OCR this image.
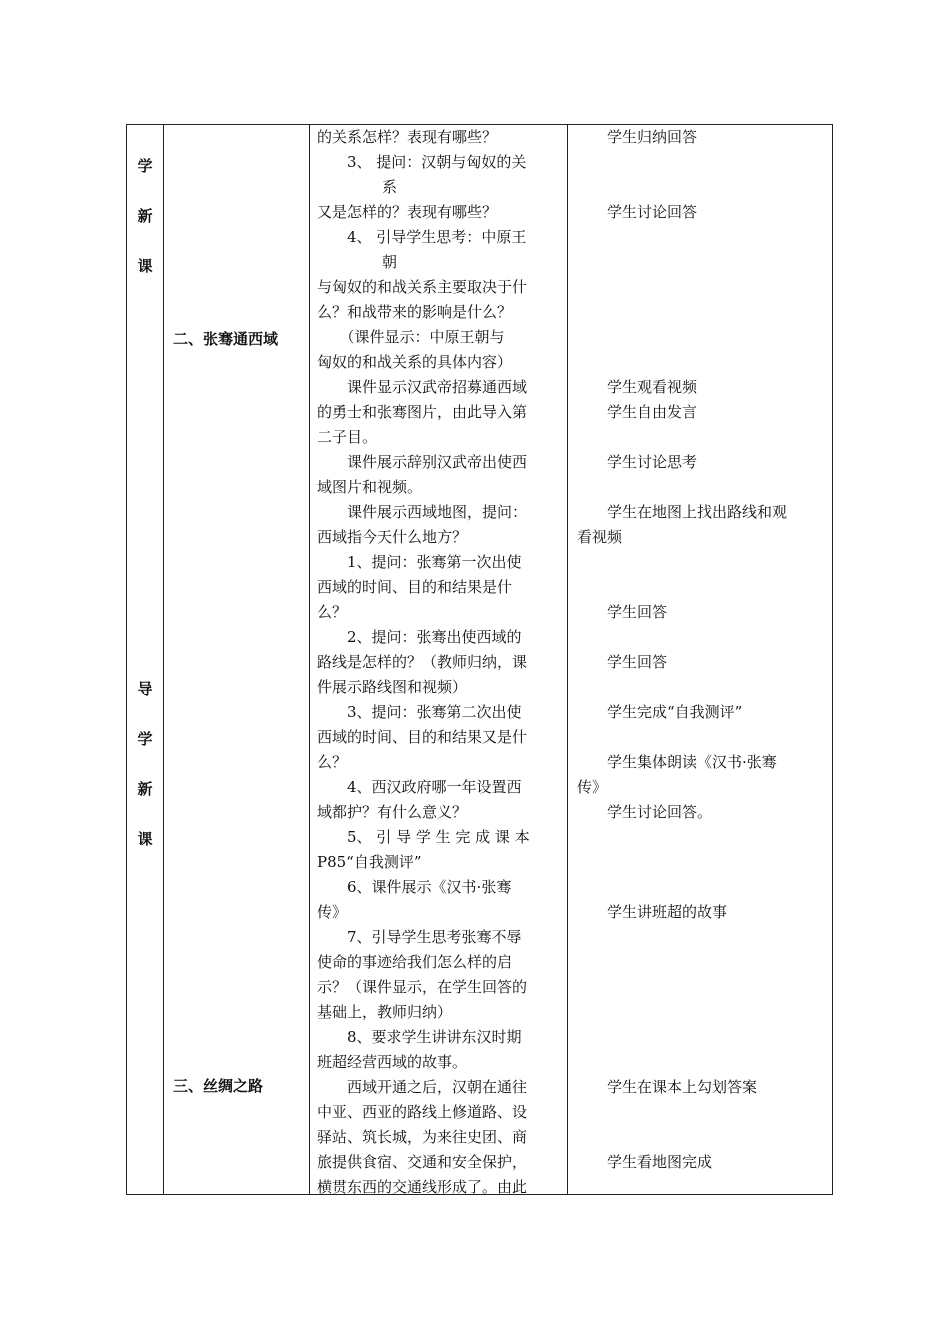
学
新
课
导
学
新
课
二、张骞通西域
三、丝绸之路
的关系怎样？表现有哪些？
　　3、 提问：汉朝与匈奴的关
系
又是怎样的？表现有哪些？
　　4、 引导学生思考：中原王
朝
与匈奴的和战关系主要取决于什
么？和战带来的影响是什么？
　　（课件显示：中原王朝与
匈奴的和战关系的具体内容）
　　课件显示汉武帝招募通西域
的勇士和张骞图片，由此导入第
二子目。
　　课件展示辞别汉武帝出使西
域图片和视频。
　　课件展示西域地图，提问：
西域指今天什么地方？
　　1、提问：张骞第一次出使
西域的时间、目的和结果是什
么？
　　2、提问：张骞出使西域的
路线是怎样的？（教师归纳，课
件展示路线图和视频）
　　3、提问：张骞第二次出使
西域的时间、目的和结果又是什
么？
　　4、西汉政府哪一年设置西
域都护？有什么意义？
　　5、 引 导 学 生 完 成 课 本
P85“自我测评”
　　6、课件展示《汉书·张骞
传》
　　7、引导学生思考张骞不辱
使命的事迹给我们怎么样的启
示？（课件显示，在学生回答的
基础上，教师归纳）
　　8、要求学生讲讲东汉时期
班超经营西域的故事。
　　西域开通之后，汉朝在通往
中亚、西亚的路线上修道路、设
驿站、筑长城，为来往史团、商
旅提供食宿、交通和安全保护，
横贯东西的交通线形成了。由此
　　学生归纳回答
　　学生讨论回答
　　学生观看视频
　　学生自由发言
　　学生讨论思考
　　学生在地图上找出路线和观
看视频
　　学生回答
　　学生回答
　　学生完成“自我测评”
　　学生集体朗读《汉书·张骞
传》
　　学生讨论回答。
　　学生讲班超的故事
　　学生在课本上勾划答案
　　学生看地图完成
